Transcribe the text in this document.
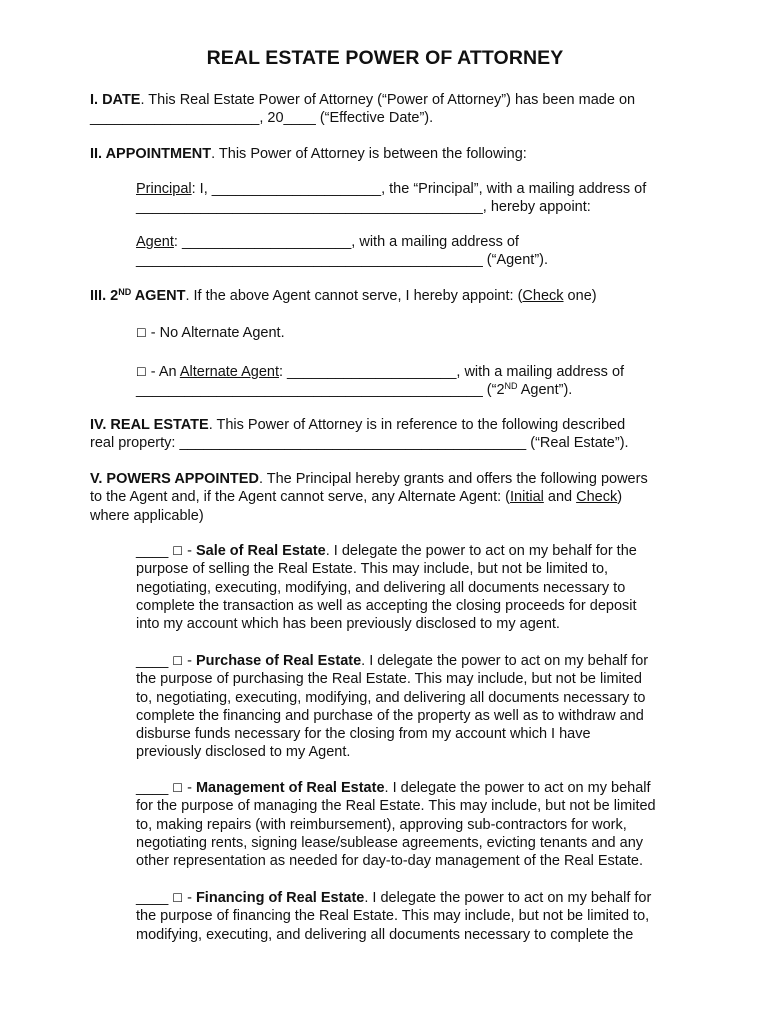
REAL ESTATE POWER OF ATTORNEY
I. DATE. This Real Estate Power of Attorney (“Power of Attorney”) has been made on
_____________________, 20____ (“Effective Date”).
II. APPOINTMENT. This Power of Attorney is between the following:
Principal: I, _____________________, the “Principal”, with a mailing address of
___________________________________________, hereby appoint:
Agent: _____________________, with a mailing address of
___________________________________________ (“Agent”).
III. 2ND AGENT. If the above Agent cannot serve, I hereby appoint: (Check one)
☐ - No Alternate Agent.
☐ - An Alternate Agent: _____________________, with a mailing address of
___________________________________________ (“2ND Agent”).
IV. REAL ESTATE. This Power of Attorney is in reference to the following described
real property: ___________________________________________ (“Real Estate”).
V. POWERS APPOINTED. The Principal hereby grants and offers the following powers
to the Agent and, if the Agent cannot serve, any Alternate Agent: (Initial and Check)
where applicable)
____ ☐ - Sale of Real Estate. I delegate the power to act on my behalf for the
purpose of selling the Real Estate. This may include, but not be limited to,
negotiating, executing, modifying, and delivering all documents necessary to
complete the transaction as well as accepting the closing proceeds for deposit
into my account which has been previously disclosed to my agent.
____ ☐ - Purchase of Real Estate. I delegate the power to act on my behalf for
the purpose of purchasing the Real Estate. This may include, but not be limited
to, negotiating, executing, modifying, and delivering all documents necessary to
complete the financing and purchase of the property as well as to withdraw and
disburse funds necessary for the closing from my account which I have
previously disclosed to my Agent.
____ ☐ - Management of Real Estate. I delegate the power to act on my behalf
for the purpose of managing the Real Estate. This may include, but not be limited
to, making repairs (with reimbursement), approving sub-contractors for work,
negotiating rents, signing lease/sublease agreements, evicting tenants and any
other representation as needed for day-to-day management of the Real Estate.
____ ☐ - Financing of Real Estate. I delegate the power to act on my behalf for
the purpose of financing the Real Estate. This may include, but not be limited to,
modifying, executing, and delivering all documents necessary to complete the
